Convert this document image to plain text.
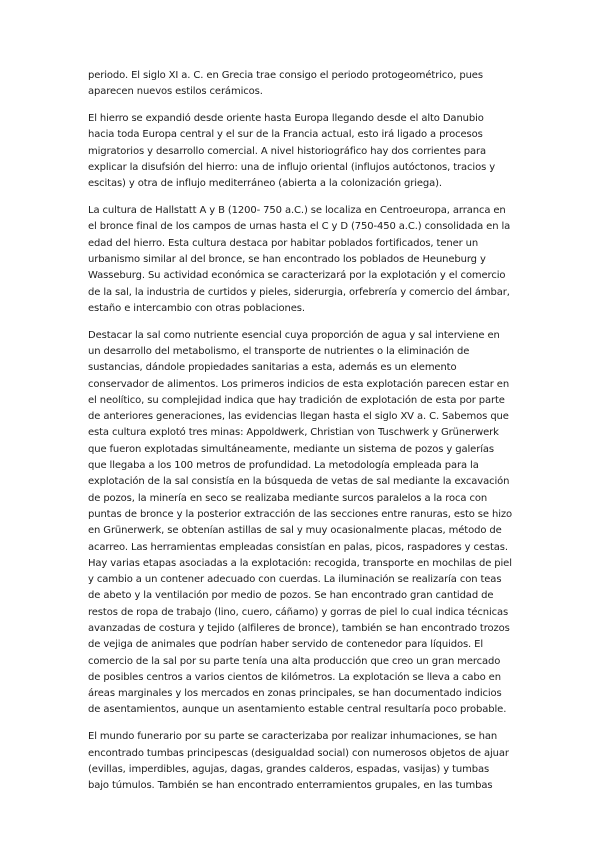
periodo. El siglo XI a. C. en Grecia trae consigo el periodo protogeométrico, pues aparecen nuevos estilos cerámicos.

El hierro se expandió desde oriente hasta Europa llegando desde el alto Danubio hacia toda Europa central y el sur de la Francia actual, esto irá ligado a procesos migratorios y desarrollo comercial. A nivel historiográfico hay dos corrientes para explicar la disufsión del hierro: una de influjo oriental (influjos autóctonos, tracios y escitas) y otra de influjo mediterráneo (abierta a la colonización griega).

La cultura de Hallstatt A y B (1200- 750 a.C.) se localiza en Centroeuropa, arranca en el bronce final de los campos de urnas hasta el C y D (750-450 a.C.) consolidada en la edad del hierro. Esta cultura destaca por habitar poblados fortificados, tener un urbanismo similar al del bronce, se han encontrado los poblados de Heuneburg y Wasseburg. Su actividad económica se caracterizará por la explotación y el comercio de la sal, la industria de curtidos y pieles, siderurgia, orfebrería y comercio del ámbar, estaño e intercambio con otras poblaciones.

Destacar la sal como nutriente esencial cuya proporción de agua y sal interviene en un desarrollo del metabolismo, el transporte de nutrientes o la eliminación de sustancias, dándole propiedades sanitarias a esta, además es un elemento conservador de alimentos. Los primeros indicios de esta explotación parecen estar en el neolítico, su complejidad indica que hay tradición de explotación de esta por parte de anteriores generaciones, las evidencias llegan hasta el siglo XV a. C. Sabemos que esta cultura explotó tres minas: Appoldwerk, Christian von Tuschwerk y Grünerwerk que fueron explotadas simultáneamente, mediante un sistema de pozos y galerías que llegaba a los 100 metros de profundidad. La metodología empleada para la explotación de la sal consistía en la búsqueda de vetas de sal mediante la excavación de pozos, la minería en seco se realizaba mediante surcos paralelos a la roca con puntas de bronce y la posterior extracción de las secciones entre ranuras, esto se hizo en Grünerwerk, se obtenían astillas de sal y muy ocasionalmente placas, método de acarreo. Las herramientas empleadas consistían en palas, picos, raspadores y cestas. Hay varias etapas asociadas a la explotación: recogida, transporte en mochilas de piel y cambio a un contener adecuado con cuerdas. La iluminación se realizaría con teas de abeto y la ventilación por medio de pozos. Se han encontrado gran cantidad de restos de ropa de trabajo (lino, cuero, cáñamo) y gorras de piel lo cual indica técnicas avanzadas de costura y tejido (alfileres de bronce), también se han encontrado trozos de vejiga de animales que podrían haber servido de contenedor para líquidos. El comercio de la sal por su parte tenía una alta producción que creo un gran mercado de posibles centros a varios cientos de kilómetros. La explotación se lleva a cabo en áreas marginales y los mercados en zonas principales, se han documentado indicios de asentamientos, aunque un asentamiento estable central resultaría poco probable.

El mundo funerario por su parte se caracterizaba por realizar inhumaciones, se han encontrado tumbas principescas (desigualdad social) con numerosos objetos de ajuar (evillas, imperdibles, agujas, dagas, grandes calderos, espadas, vasijas) y tumbas bajo túmulos. También se han encontrado enterramientos grupales, en las tumbas
